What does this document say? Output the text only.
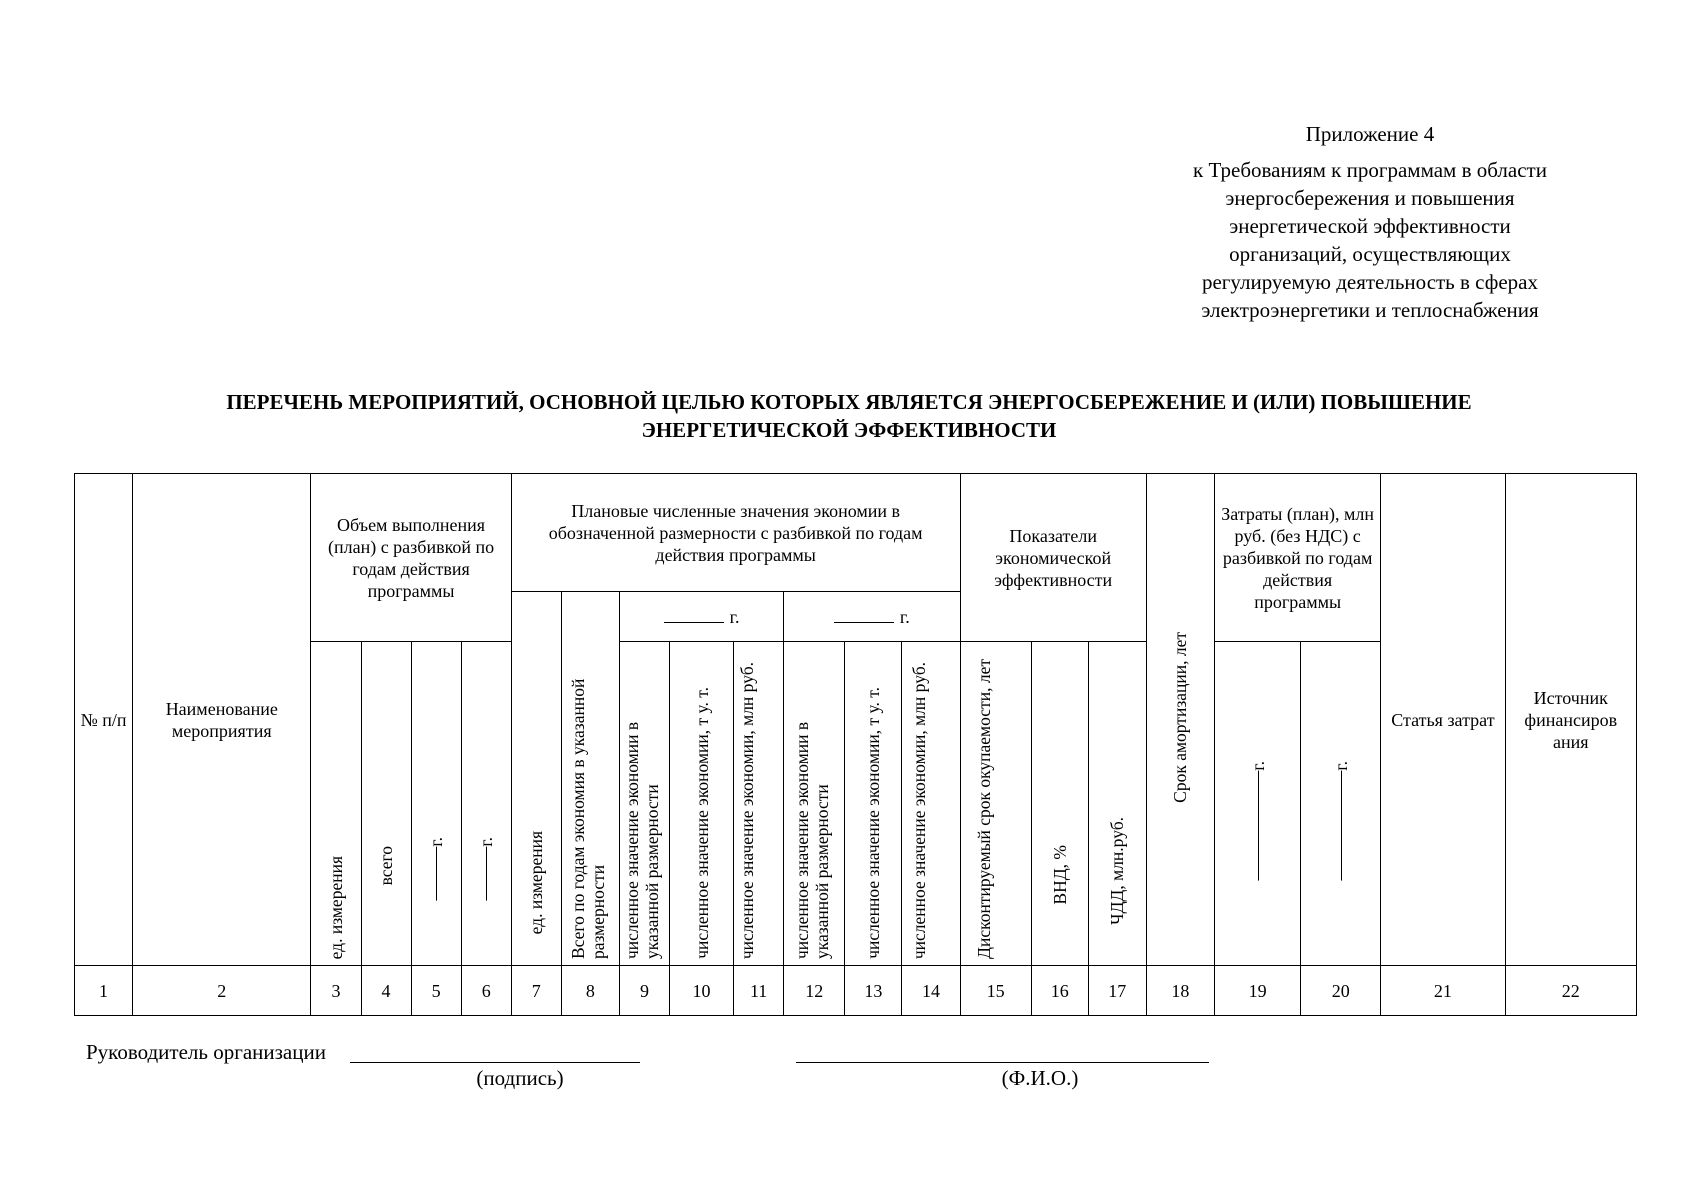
Приложение 4
к Требованиям к программам в области
энергосбережения и повышения
энергетической эффективности
организаций, осуществляющих
регулируемую деятельность в сферах
электроэнергетики и теплоснабжения
ПЕРЕЧЕНЬ МЕРОПРИЯТИЙ, ОСНОВНОЙ ЦЕЛЬЮ КОТОРЫХ ЯВЛЯЕТСЯ ЭНЕРГОСБЕРЕЖЕНИЕ И (ИЛИ) ПОВЫШЕНИЕ
ЭНЕРГЕТИЧЕСКОЙ ЭФФЕКТИВНОСТИ
№ п/п	Наименование мероприятия	Объем выполнения (план) с разбивкой по годам действия программы				Плановые численные значения экономии в обозначенной размерности с разбивкой по годам действия программы								Показатели экономической эффективности			Срок амортизации, лет	Затраты (план), млн руб. (без НДС) с разбивкой по годам действия программы		Статья затрат	Источник финансиров ания

						ед. измерения	Всего по годам экономия в указанной размерности	г.			г.										

		ед. измерения	всего	г.	г.			численное значение экономии в указанной размерности	численное значение экономии, т у. т.	численное значение экономии, млн руб.	численное значение экономии в указанной размерности	численное значение экономии, т у. т.	численное значение экономии, млн руб.	Дисконтируемый срок окупаемости, лет	ВНД, %	ЧДД, млн.руб.		г.	г.		

1	2	3	4	5	6	7	8	9	10	11	12	13	14	15	16	17	18	19	20	21	22
Руководитель организации
(подпись)	(Ф.И.О.)
